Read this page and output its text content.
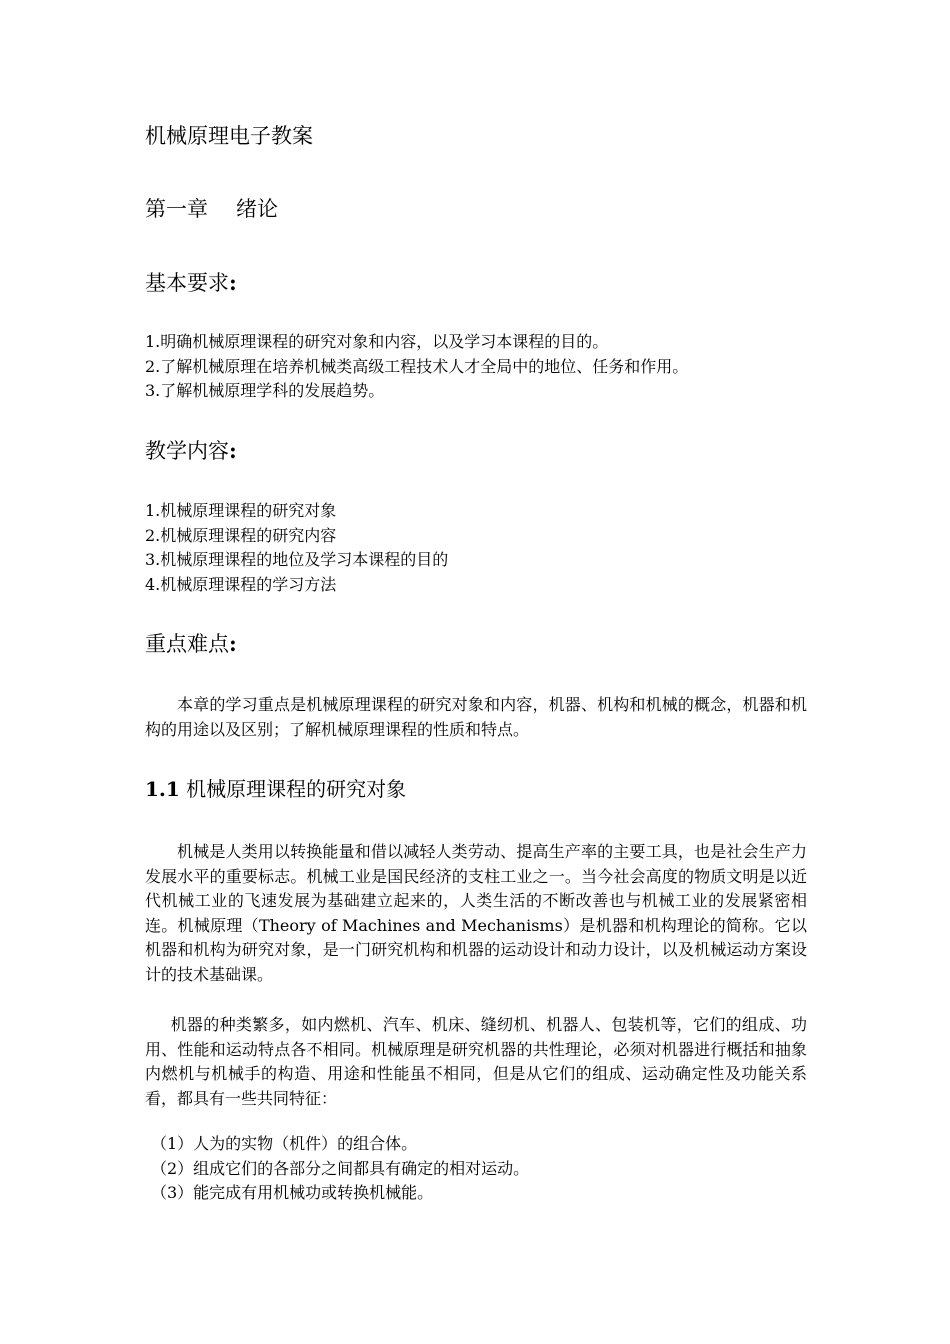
机械原理电子教案
第一章 绪论
基本要求:
1.明确机械原理课程的研究对象和内容，以及学习本课程的目的。
2.了解机械原理在培养机械类高级工程技术人才全局中的地位、任务和作用。
3.了解机械原理学科的发展趋势。
教学内容:
1.机械原理课程的研究对象
2.机械原理课程的研究内容
3.机械原理课程的地位及学习本课程的目的
4.机械原理课程的学习方法
重点难点:

本章的学习重点是机械原理课程的研究对象和内容，机器、机构和机械的概念，机器和机构的用途以及区别；了解机械原理课程的性质和特点。

1.1 机械原理课程的研究对象

机械是人类用以转换能量和借以减轻人类劳动、提高生产率的主要工具，也是社会生产力发展水平的重要标志。机械工业是国民经济的支柱工业之一。当今社会高度的物质文明是以近代机械工业的飞速发展为基础建立起来的，人类生活的不断改善也与机械工业的发展紧密相连。机械原理（Theory of Machines and Mechanisms）是机器和机构理论的简称。它以机器和机构为研究对象，是一门研究机构和机器的运动设计和动力设计，以及机械运动方案设计的技术基础课。

机器的种类繁多，如内燃机、汽车、机床、缝纫机、机器人、包装机等，它们的组成、功用、性能和运动特点各不相同。机械原理是研究机器的共性理论，必须对机器进行概括和抽象 内燃机与机械手的构造、用途和性能虽不相同，但是从它们的组成、运动确定性及功能关系看，都具有一些共同特征：

（1）人为的实物（机件）的组合体。
（2）组成它们的各部分之间都具有确定的相对运动。
（3）能完成有用机械功或转换机械能。
